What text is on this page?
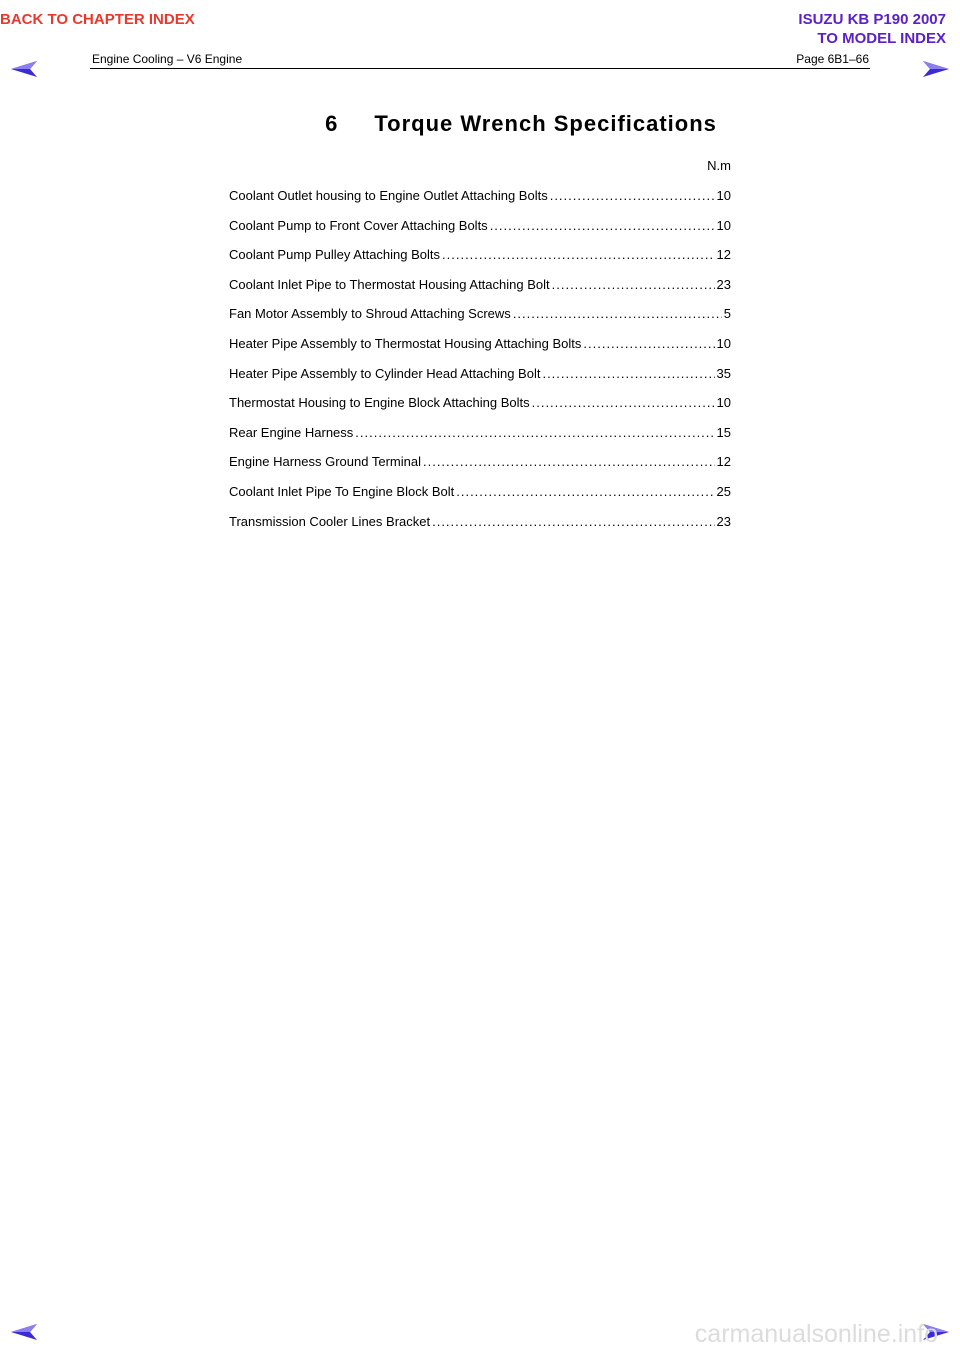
BACK TO CHAPTER INDEX	ISUZU KB P190 2007
TO MODEL INDEX
Engine Cooling – V6 Engine	Page 6B1–66
6 Torque Wrench Specifications
N.m
Coolant Outlet housing to Engine Outlet Attaching Bolts .....	10
Coolant Pump to Front Cover Attaching Bolts .....	10
Coolant Pump Pulley Attaching Bolts .....	12
Coolant Inlet Pipe to Thermostat Housing Attaching Bolt .....	23
Fan Motor Assembly to Shroud Attaching Screws .....	5
Heater Pipe Assembly to Thermostat Housing Attaching Bolts .....	10
Heater Pipe Assembly to Cylinder Head Attaching Bolt .....	35
Thermostat Housing to Engine Block Attaching Bolts .....	10
Rear Engine Harness .....	15
Engine Harness Ground Terminal .....	12
Coolant Inlet Pipe To Engine Block Bolt .....	25
Transmission Cooler Lines Bracket .....	23
carmanualsonline.info
